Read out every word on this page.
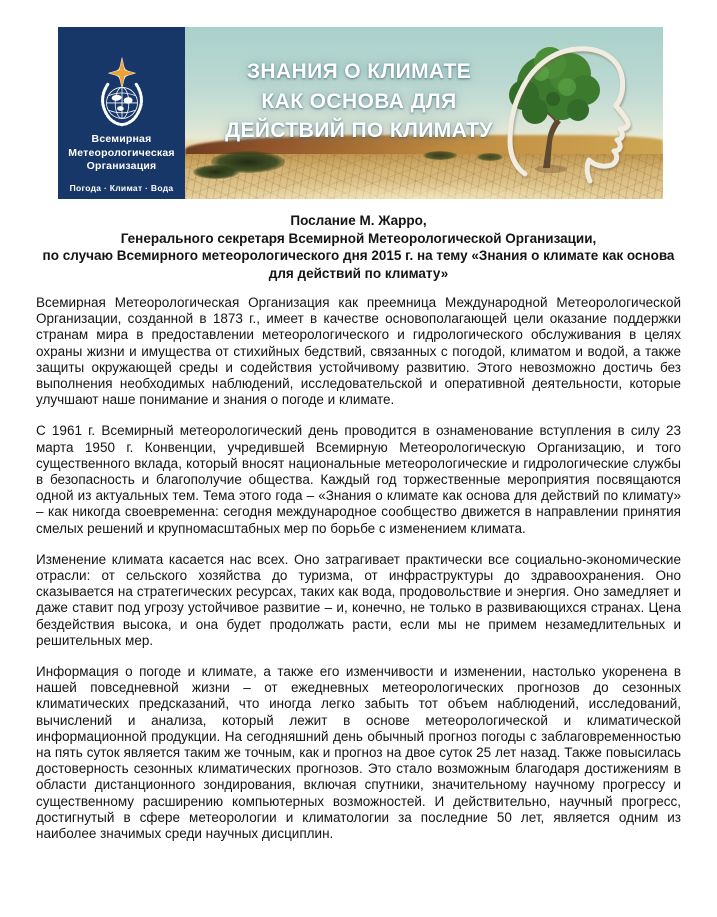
Всемирная
Метеорологическая
Организация
Погода · Климат · Вода
ЗНАНИЯ О КЛИМАТЕ
КАК ОСНОВА ДЛЯ
ДЕЙСТВИЙ ПО КЛИМАТУ
Послание М. Жарро,
Генерального секретаря Всемирной Метеорологической Организации,
по случаю Всемирного метеорологического дня 2015 г. на тему «Знания о климате как основа для действий по климату»

Всемирная Метеорологическая Организация как преемница Международной Метеорологической Организации, созданной в 1873 г., имеет в качестве основополагающей цели оказание поддержки странам мира в предоставлении метеорологического и гидрологического обслуживания в целях охраны жизни и имущества от стихийных бедствий, связанных с погодой, климатом и водой, а также защиты окружающей среды и содействия устойчивому развитию. Этого невозможно достичь без выполнения необходимых наблюдений, исследовательской и оперативной деятельности, которые улучшают наше понимание и знания о погоде и климате.

С 1961 г. Всемирный метеорологический день проводится в ознаменование вступления в силу 23 марта 1950 г. Конвенции, учредившей Всемирную Метеорологическую Организацию, и того существенного вклада, который вносят национальные метеорологические и гидрологические службы в безопасность и благополучие общества. Каждый год торжественные мероприятия посвящаются одной из актуальных тем. Тема этого года – «Знания о климате как основа для действий по климату» – как никогда своевременна: сегодня международное сообщество движется в направлении принятия смелых решений и крупномасштабных мер по борьбе с изменением климата.

Изменение климата касается нас всех. Оно затрагивает практически все социально-экономические отрасли: от сельского хозяйства до туризма, от инфраструктуры до здравоохранения. Оно сказывается на стратегических ресурсах, таких как вода, продовольствие и энергия. Оно замедляет и даже ставит под угрозу устойчивое развитие – и, конечно, не только в развивающихся странах. Цена бездействия высока, и она будет продолжать расти, если мы не примем незамедлительных и решительных мер.

Информация о погоде и климате, а также его изменчивости и изменении, настолько укоренена в нашей повседневной жизни – от ежедневных метеорологических прогнозов до сезонных климатических предсказаний, что иногда легко забыть тот объем наблюдений, исследований, вычислений и анализа, который лежит в основе метеорологической и климатической информационной продукции. На сегодняшний день обычный прогноз погоды с заблаговременностью на пять суток является таким же точным, как и прогноз на двое суток 25 лет назад. Также повысилась достоверность сезонных климатических прогнозов. Это стало возможным благодаря достижениям в области дистанционного зондирования, включая спутники, значительному научному прогрессу и существенному расширению компьютерных возможностей. И действительно, научный прогресс, достигнутый в сфере метеорологии и климатологии за последние 50 лет, является одним из наиболее значимых среди научных дисциплин.
